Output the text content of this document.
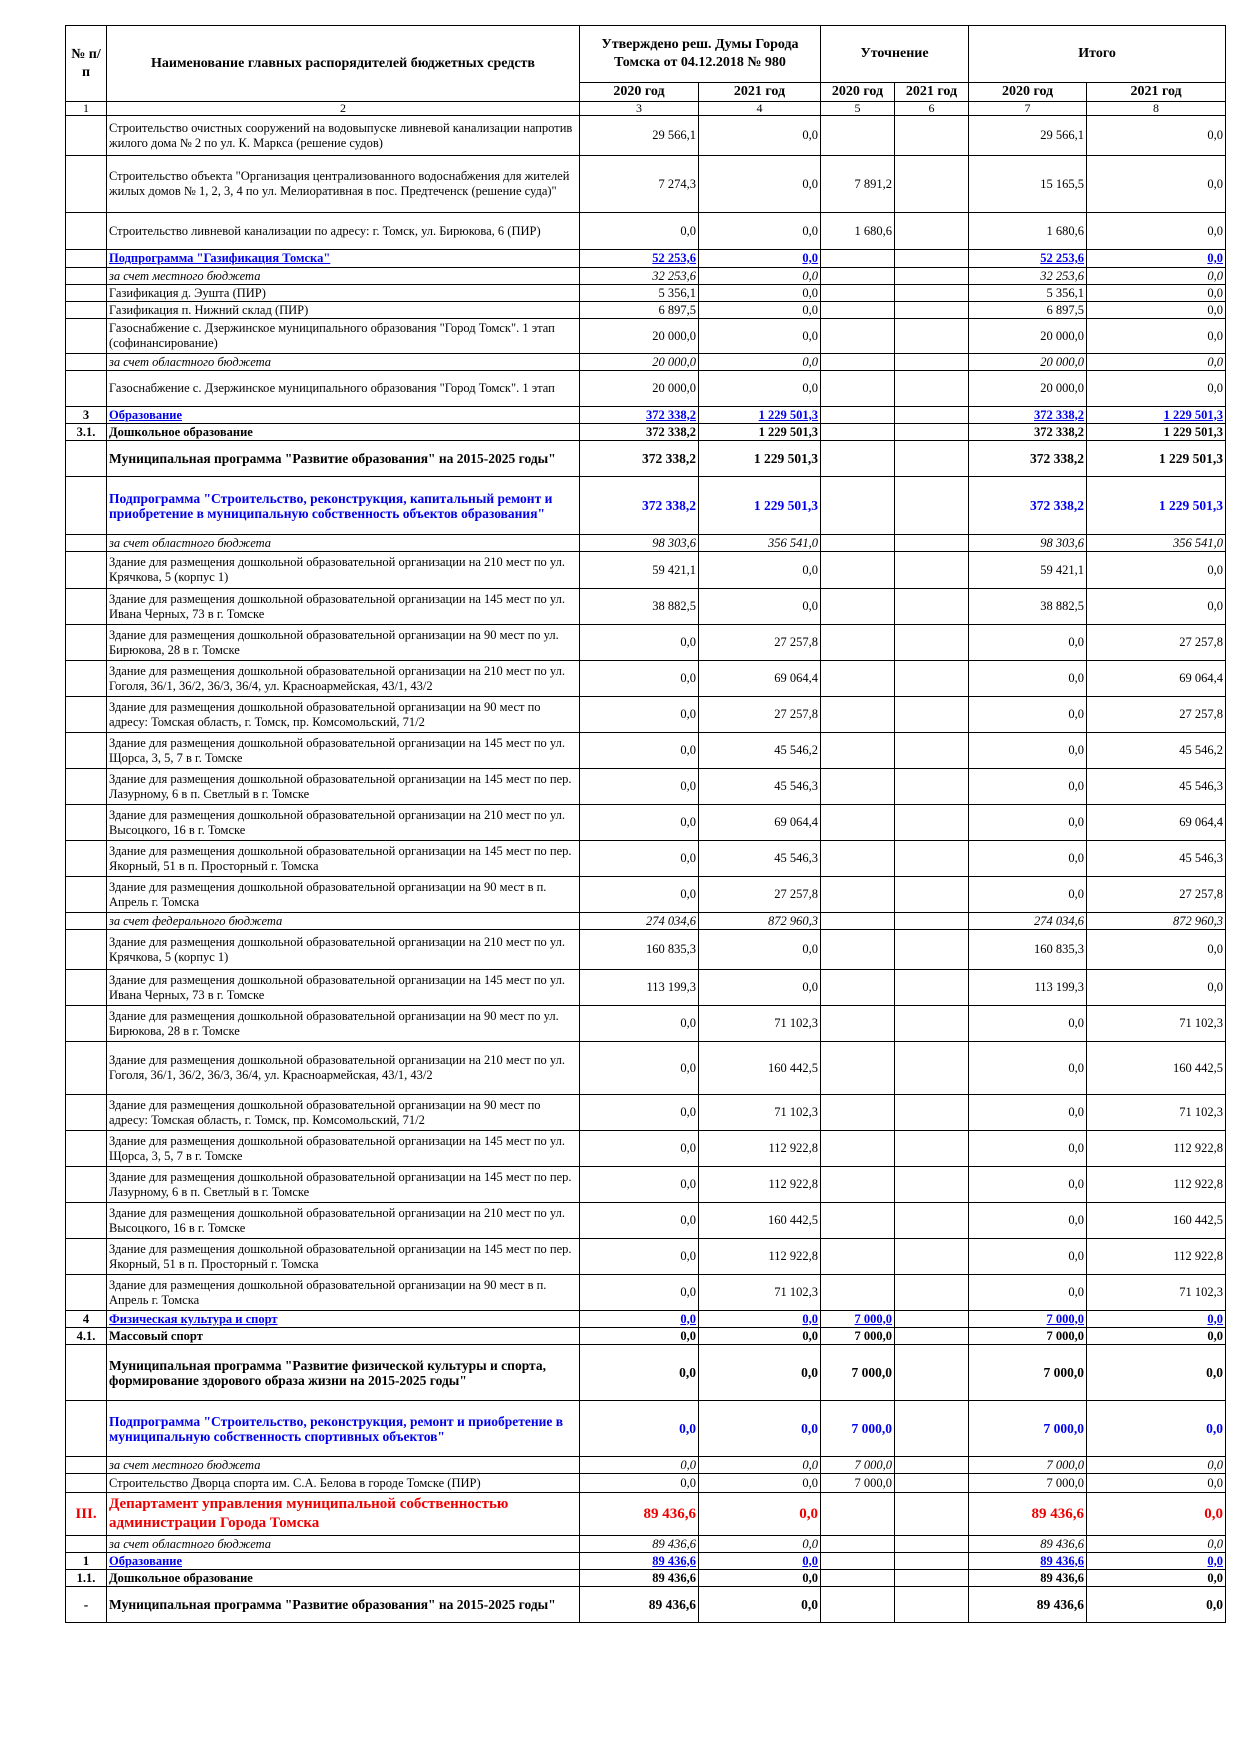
№ п/п	Наименование главных распорядителей бюджетных средств	Утверждено реш. Думы Города Томска от 04.12.2018 № 980		Уточнение		Итого	
		2020 год	2021 год	2020 год	2021 год	2020 год	2021 год
1	2	3	4	5	6	7	8
	Строительство очистных сооружений на водовыпуске ливневой канализации напротив жилого дома № 2 по ул. К. Маркса (решение судов)	29 566,1	0,0			29 566,1	0,0
	Строительство объекта "Организация централизованного водоснабжения для жителей жилых домов № 1, 2, 3, 4 по ул. Мелиоративная в пос. Предтеченск (решение суда)"	7 274,3	0,0	7 891,2		15 165,5	0,0
	Строительство ливневой канализации по адресу: г. Томск, ул. Бирюкова, 6 (ПИР)	0,0	0,0	1 680,6		1 680,6	0,0
	Подпрограмма "Газификация Томска"	52 253,6	0,0			52 253,6	0,0
	за счет местного бюджета	32 253,6	0,0			32 253,6	0,0
	Газификация д. Эушта (ПИР)	5 356,1	0,0			5 356,1	0,0
	Газификация п. Нижний склад (ПИР)	6 897,5	0,0			6 897,5	0,0
	Газоснабжение с. Дзержинское муниципального образования "Город Томск". 1 этап (софинансирование)	20 000,0	0,0			20 000,0	0,0
	за счет областного бюджета	20 000,0	0,0			20 000,0	0,0
	Газоснабжение с. Дзержинское муниципального образования "Город Томск". 1 этап	20 000,0	0,0			20 000,0	0,0
3	Образование	372 338,2	1 229 501,3			372 338,2	1 229 501,3
3.1.	Дошкольное образование	372 338,2	1 229 501,3			372 338,2	1 229 501,3
	Муниципальная программа "Развитие образования" на 2015-2025 годы"	372 338,2	1 229 501,3			372 338,2	1 229 501,3
	Подпрограмма "Строительство, реконструкция, капитальный ремонт и приобретение в муниципальную собственность объектов образования"	372 338,2	1 229 501,3			372 338,2	1 229 501,3
	за счет областного бюджета	98 303,6	356 541,0			98 303,6	356 541,0
	Здание для размещения дошкольной образовательной организации на 210 мест по ул. Крячкова, 5 (корпус 1)	59 421,1	0,0			59 421,1	0,0
	Здание для размещения дошкольной образовательной организации на 145 мест по ул. Ивана Черных, 73 в г. Томске	38 882,5	0,0			38 882,5	0,0
	Здание для размещения дошкольной образовательной организации на 90 мест по ул. Бирюкова, 28 в г. Томске	0,0	27 257,8			0,0	27 257,8
	Здание для размещения дошкольной образовательной организации на 210 мест по ул. Гоголя, 36/1, 36/2, 36/3, 36/4, ул. Красноармейская, 43/1, 43/2	0,0	69 064,4			0,0	69 064,4
	Здание для размещения дошкольной образовательной организации на 90 мест по адресу: Томская область, г. Томск, пр. Комсомольский, 71/2	0,0	27 257,8			0,0	27 257,8
	Здание для размещения дошкольной образовательной организации на 145 мест по ул. Щорса, 3, 5, 7 в г. Томске	0,0	45 546,2			0,0	45 546,2
	Здание для размещения дошкольной образовательной организации на 145 мест по пер. Лазурному, 6 в п. Светлый в г. Томске	0,0	45 546,3			0,0	45 546,3
	Здание для размещения дошкольной образовательной организации на 210 мест по ул. Высоцкого, 16 в г. Томске	0,0	69 064,4			0,0	69 064,4
	Здание для размещения дошкольной образовательной организации на 145 мест по пер. Якорный, 51 в п. Просторный г. Томска	0,0	45 546,3			0,0	45 546,3
	Здание для размещения дошкольной образовательной организации на 90 мест в п. Апрель г. Томска	0,0	27 257,8			0,0	27 257,8
	за счет федерального бюджета	274 034,6	872 960,3			274 034,6	872 960,3
	Здание для размещения дошкольной образовательной организации на 210 мест по ул. Крячкова, 5 (корпус 1)	160 835,3	0,0			160 835,3	0,0
	Здание для размещения дошкольной образовательной организации на 145 мест по ул. Ивана Черных, 73 в г. Томске	113 199,3	0,0			113 199,3	0,0
	Здание для размещения дошкольной образовательной организации на 90 мест по ул. Бирюкова, 28 в г. Томске	0,0	71 102,3			0,0	71 102,3
	Здание для размещения дошкольной образовательной организации на 210 мест по ул. Гоголя, 36/1, 36/2, 36/3, 36/4, ул. Красноармейская, 43/1, 43/2	0,0	160 442,5			0,0	160 442,5
	Здание для размещения дошкольной образовательной организации на 90 мест по адресу: Томская область, г. Томск, пр. Комсомольский, 71/2	0,0	71 102,3			0,0	71 102,3
	Здание для размещения дошкольной образовательной организации на 145 мест по ул. Щорса, 3, 5, 7 в г. Томске	0,0	112 922,8			0,0	112 922,8
	Здание для размещения дошкольной образовательной организации на 145 мест по пер. Лазурному, 6 в п. Светлый в г. Томске	0,0	112 922,8			0,0	112 922,8
	Здание для размещения дошкольной образовательной организации на 210 мест по ул. Высоцкого, 16 в г. Томске	0,0	160 442,5			0,0	160 442,5
	Здание для размещения дошкольной образовательной организации на 145 мест по пер. Якорный, 51 в п. Просторный г. Томска	0,0	112 922,8			0,0	112 922,8
	Здание для размещения дошкольной образовательной организации на 90 мест в п. Апрель г. Томска	0,0	71 102,3			0,0	71 102,3
4	Физическая культура и спорт	0,0	0,0	7 000,0		7 000,0	0,0
4.1.	Массовый спорт	0,0	0,0	7 000,0		7 000,0	0,0
	Муниципальная программа "Развитие физической культуры и спорта, формирование здорового образа жизни на 2015-2025 годы"	0,0	0,0	7 000,0		7 000,0	0,0
	Подпрограмма "Строительство, реконструкция, ремонт и приобретение в муниципальную собственность спортивных объектов"	0,0	0,0	7 000,0		7 000,0	0,0
	за счет местного бюджета	0,0	0,0	7 000,0		7 000,0	0,0
	Строительство Дворца спорта им. С.А. Белова в городе Томске (ПИР)	0,0	0,0	7 000,0		7 000,0	0,0
III.	Департамент управления муниципальной собственностью администрации Города Томска	89 436,6	0,0			89 436,6	0,0
	за счет областного бюджета	89 436,6	0,0			89 436,6	0,0
1	Образование	89 436,6	0,0			89 436,6	0,0
1.1.	Дошкольное образование	89 436,6	0,0			89 436,6	0,0
-	Муниципальная программа "Развитие образования" на 2015-2025 годы"	89 436,6	0,0			89 436,6	0,0
